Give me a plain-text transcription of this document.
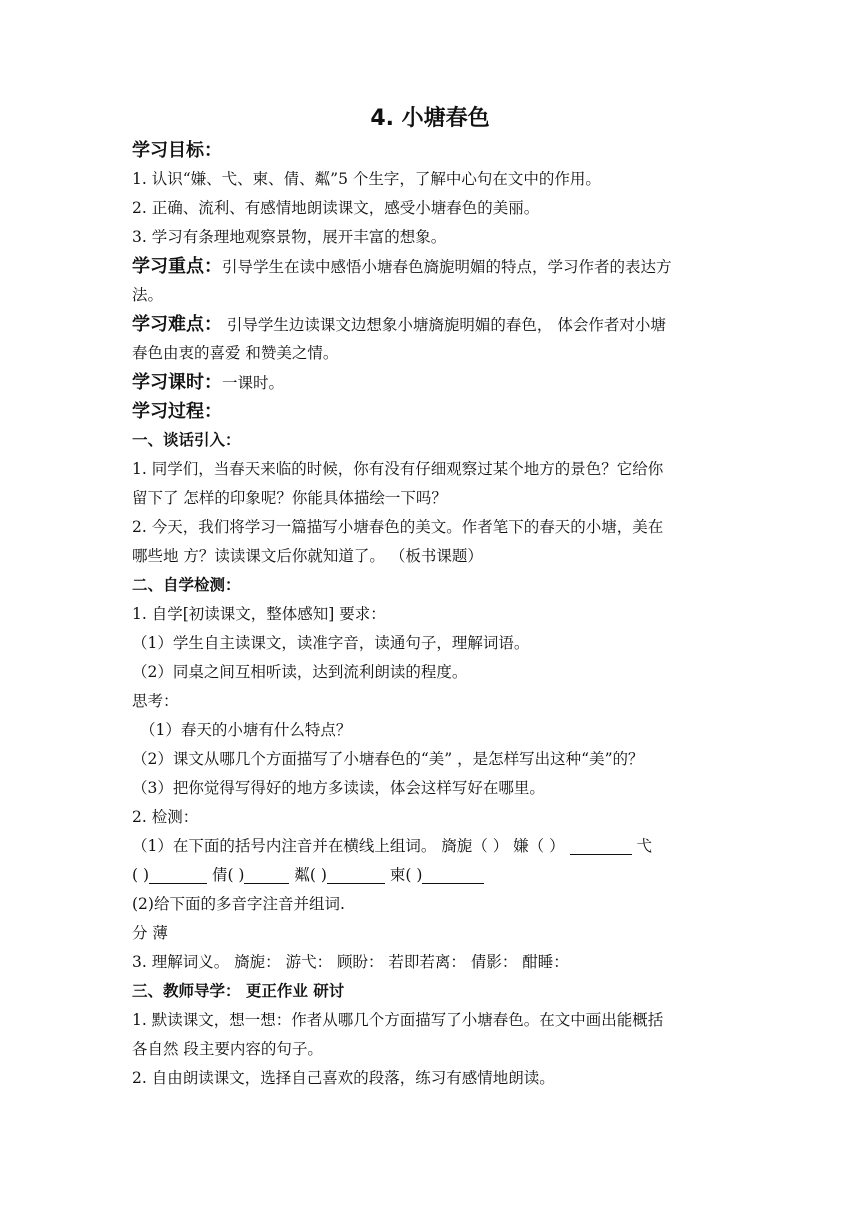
4. 小塘春色
学习目标：
1. 认识“嫌、弋、柬、倩、粼”5 个生字，了解中心句在文中的作用。
2. 正确、流利、有感情地朗读课文，感受小塘春色的美丽。
3. 学习有条理地观察景物，展开丰富的想象。
学习重点：引导学生在读中感悟小塘春色旖旎明媚的特点，学习作者的表达方
法。
学习难点： 引导学生边读课文边想象小塘旖旎明媚的春色， 体会作者对小塘
春色由衷的喜爱 和赞美之情。
学习课时：一课时。
学习过程：
一、谈话引入：
1. 同学们，当春天来临的时候，你有没有仔细观察过某个地方的景色？它给你
留下了 怎样的印象呢？你能具体描绘一下吗？
2. 今天，我们将学习一篇描写小塘春色的美文。作者笔下的春天的小塘，美在
哪些地 方？读读课文后你就知道了。 （板书课题）
二、自学检测：
1. 自学[初读课文，整体感知] 要求：
（1）学生自主读课文，读准字音，读通句子，理解词语。
（2）同桌之间互相听读，达到流利朗读的程度。
思考：
（1）春天的小塘有什么特点？
（2）课文从哪几个方面描写了小塘春色的“美” ，是怎样写出这种“美”的？
（3）把你觉得写得好的地方多读读，体会这样写好在哪里。
2. 检测：
（1）在下面的括号内注音并在横线上组词。 旖旎（ ） 嫌（ ）	弋
( )	倩( )	粼( )	柬( )
(2)给下面的多音字注音并组词.
分 薄
3. 理解词义。 旖旎： 游弋： 顾盼： 若即若离： 倩影： 酣睡：
三、教师导学： 更正作业 研讨
1. 默读课文，想一想：作者从哪几个方面描写了小塘春色。在文中画出能概括
各自然 段主要内容的句子。
2. 自由朗读课文，选择自己喜欢的段落，练习有感情地朗读。
